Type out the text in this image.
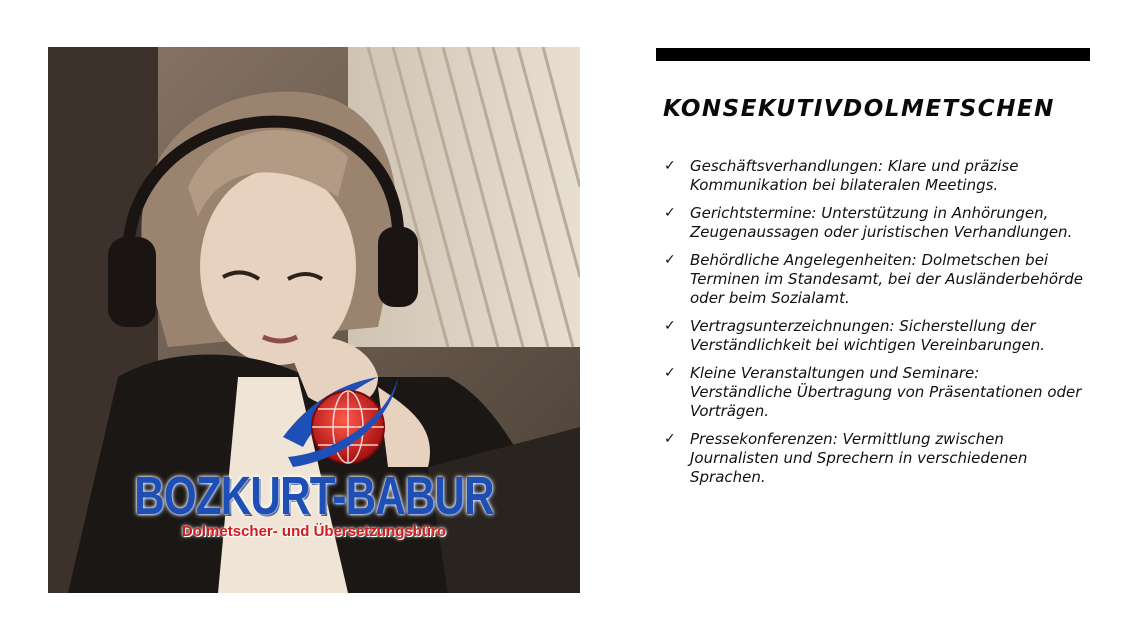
BOZKURT-BABUR
Dolmetscher- und Übersetzungsbüro
KONSEKUTIVDOLMETSCHEN
✓ Geschäftsverhandlungen: Klare und präzise Kommunikation bei bilateralen Meetings.
✓ Gerichtstermine: Unterstützung in Anhörungen, Zeugenaussagen oder juristischen Verhandlungen.
✓ Behördliche Angelegenheiten: Dolmetschen bei Terminen im Standesamt, bei der Ausländerbehörde oder beim Sozialamt.
✓ Vertragsunterzeichnungen: Sicherstellung der Verständlichkeit bei wichtigen Vereinbarungen.
✓ Kleine Veranstaltungen und Seminare: Verständliche Übertragung von Präsentationen oder Vorträgen.
✓ Pressekonferenzen: Vermittlung zwischen Journalisten und Sprechern in verschiedenen Sprachen.
